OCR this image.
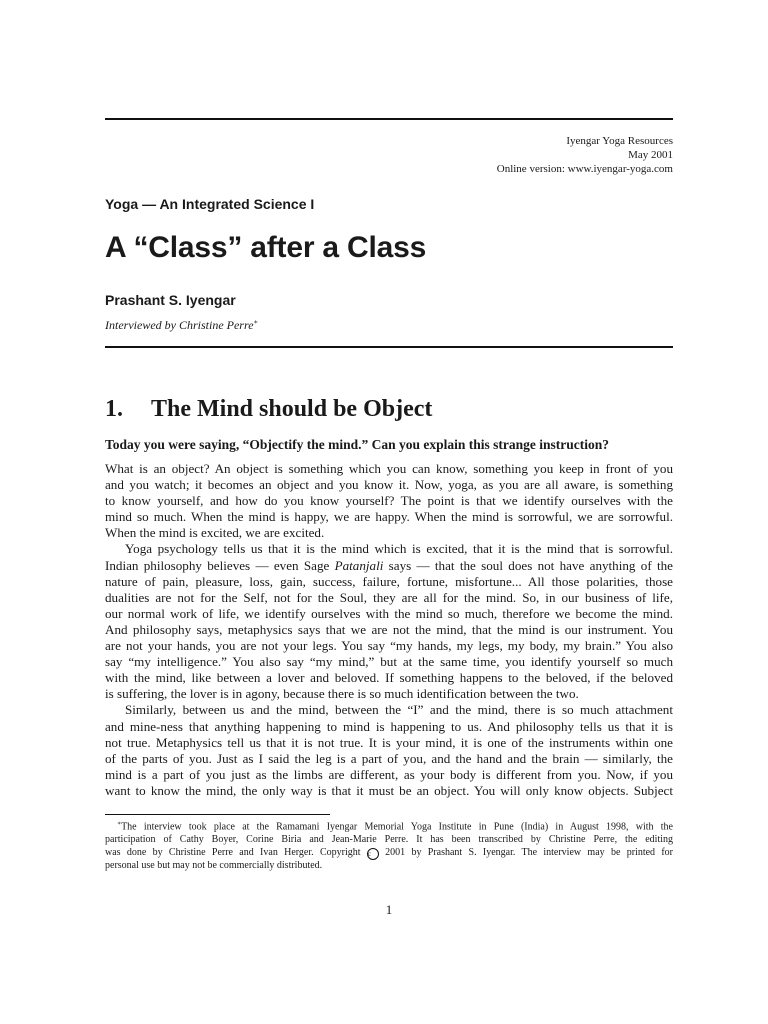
Iyengar Yoga Resources
May 2001
Online version: www.iyengar-yoga.com
Yoga — An Integrated Science I
A “Class” after a Class
Prashant S. Iyengar
Interviewed by Christine Perre∗
1. The Mind should be Object
Today you were saying, “Objectify the mind.” Can you explain this strange instruction?
What is an object? An object is something which you can know, something you keep in front of you
and you watch; it becomes an object and you know it. Now, yoga, as you are all aware, is something
to know yourself, and how do you know yourself? The point is that we identify ourselves with the
mind so much. When the mind is happy, we are happy. When the mind is sorrowful, we are sorrowful.
When the mind is excited, we are excited.
Yoga psychology tells us that it is the mind which is excited, that it is the mind that is sorrowful.
Indian philosophy believes — even Sage Patanjali says — that the soul does not have anything of the
nature of pain, pleasure, loss, gain, success, failure, fortune, misfortune... All those polarities, those
dualities are not for the Self, not for the Soul, they are all for the mind. So, in our business of life,
our normal work of life, we identify ourselves with the mind so much, therefore we become the mind.
And philosophy says, metaphysics says that we are not the mind, that the mind is our instrument. You
are not your hands, you are not your legs. You say “my hands, my legs, my body, my brain.” You also
say “my intelligence.” You also say “my mind,” but at the same time, you identify yourself so much
with the mind, like between a lover and beloved. If something happens to the beloved, if the beloved
is suffering, the lover is in agony, because there is so much identification between the two.
Similarly, between us and the mind, between the “I” and the mind, there is so much attachment
and mine-ness that anything happening to mind is happening to us. And philosophy tells us that it is
not true. Metaphysics tell us that it is not true. It is your mind, it is one of the instruments within one
of the parts of you. Just as I said the leg is a part of you, and the hand and the brain — similarly, the
mind is a part of you just as the limbs are different, as your body is different from you. Now, if you
want to know the mind, the only way is that it must be an object. You will only know objects. Subject
∗The interview took place at the Ramamani Iyengar Memorial Yoga Institute in Pune (India) in August 1998, with the
participation of Cathy Boyer, Corine Biria and Jean-Marie Perre. It has been transcribed by Christine Perre, the editing
was done by Christine Perre and Ivan Herger. Copyright c 2001 by Prashant S. Iyengar. The interview may be printed for
personal use but may not be commercially distributed.
1
